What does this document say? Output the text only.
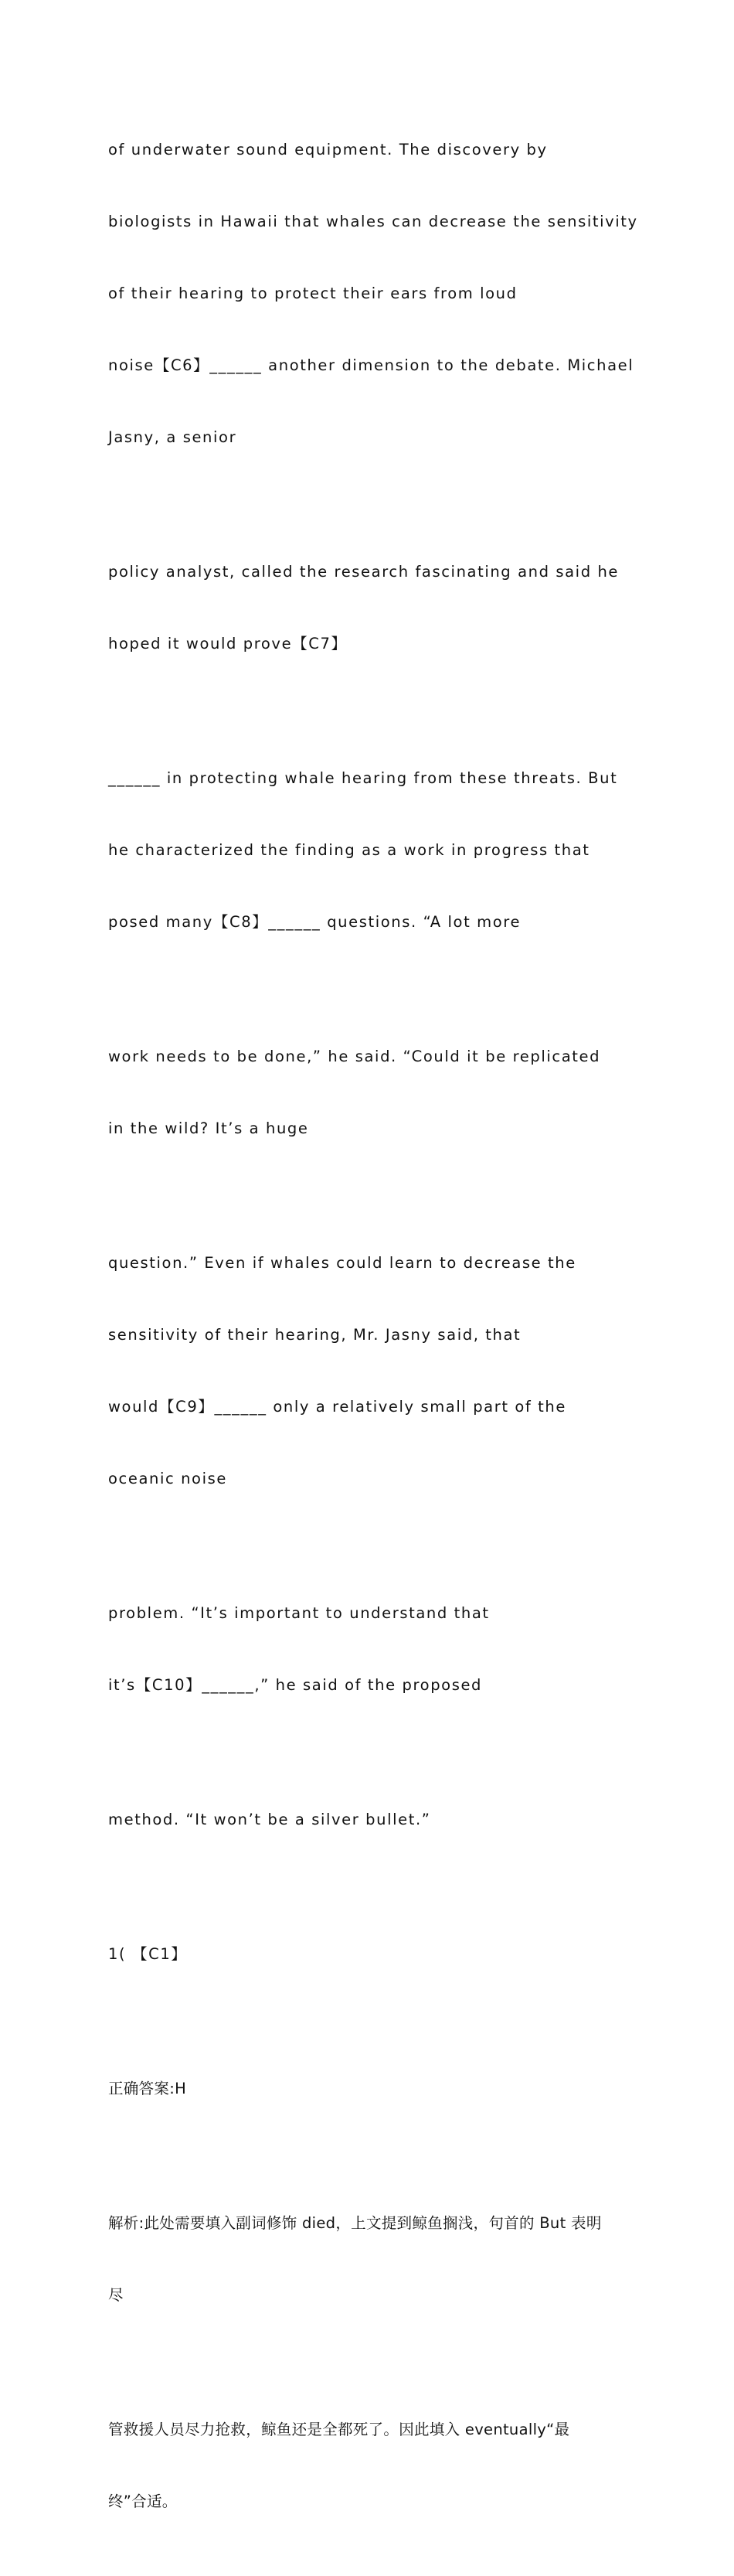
of underwater sound equipment. The discovery by

biologists in Hawaii that whales can decrease the sensitivity

of their hearing to protect their ears from loud

noise【C6】______ another dimension to the debate. Michael

Jasny, a senior

policy analyst, called the research fascinating and said he

hoped it would prove【C7】

______ in protecting whale hearing from these threats. But

he characterized the finding as a work in progress that

posed many【C8】______ questions. “A lot more

work needs to be done,” he said. “Could it be replicated

in the wild? It’s a huge

question.” Even if whales could learn to decrease the

sensitivity of their hearing, Mr. Jasny said, that

would【C9】______ only a relatively small part of the

oceanic noise

problem. “It’s important to understand that

it’s【C10】______,” he said of the proposed

method. “It won’t be a silver bullet.”

1( 【C1】

正确答案:H

解析:此处需要填入副词修饰 died，上文提到鲸鱼搁浅，句首的 But 表明

尽

管救援人员尽力抢救，鲸鱼还是全都死了。因此填入 eventually“最

终”合适。
